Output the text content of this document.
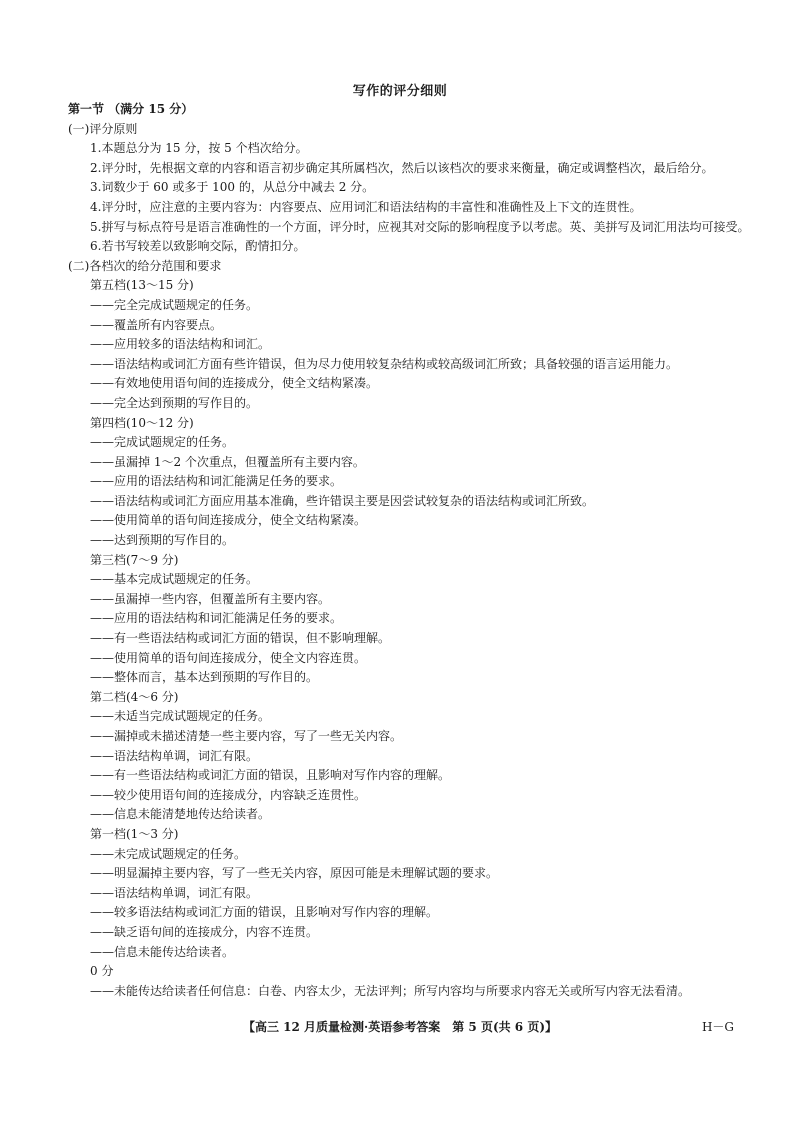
写作的评分细则
第一节 （满分 15 分）
(一)评分原则
1.本题总分为 15 分，按 5 个档次给分。
2.评分时，先根据文章的内容和语言初步确定其所属档次，然后以该档次的要求来衡量，确定或调整档次，最后给分。
3.词数少于 60 或多于 100 的，从总分中减去 2 分。
4.评分时，应注意的主要内容为：内容要点、应用词汇和语法结构的丰富性和准确性及上下文的连贯性。
5.拼写与标点符号是语言准确性的一个方面，评分时，应视其对交际的影响程度予以考虑。英、美拼写及词汇用法均可接受。
6.若书写较差以致影响交际，酌情扣分。
(二)各档次的给分范围和要求
第五档(13～15 分)
——完全完成试题规定的任务。
——覆盖所有内容要点。
——应用较多的语法结构和词汇。
——语法结构或词汇方面有些许错误，但为尽力使用较复杂结构或较高级词汇所致；具备较强的语言运用能力。
——有效地使用语句间的连接成分，使全文结构紧凑。
——完全达到预期的写作目的。
第四档(10～12 分)
——完成试题规定的任务。
——虽漏掉 1～2 个次重点，但覆盖所有主要内容。
——应用的语法结构和词汇能满足任务的要求。
——语法结构或词汇方面应用基本准确，些许错误主要是因尝试较复杂的语法结构或词汇所致。
——使用简单的语句间连接成分，使全文结构紧凑。
——达到预期的写作目的。
第三档(7～9 分)
——基本完成试题规定的任务。
——虽漏掉一些内容，但覆盖所有主要内容。
——应用的语法结构和词汇能满足任务的要求。
——有一些语法结构或词汇方面的错误，但不影响理解。
——使用简单的语句间连接成分，使全文内容连贯。
——整体而言，基本达到预期的写作目的。
第二档(4～6 分)
——未适当完成试题规定的任务。
——漏掉或未描述清楚一些主要内容，写了一些无关内容。
——语法结构单调，词汇有限。
——有一些语法结构或词汇方面的错误，且影响对写作内容的理解。
——较少使用语句间的连接成分，内容缺乏连贯性。
——信息未能清楚地传达给读者。
第一档(1～3 分)
——未完成试题规定的任务。
——明显漏掉主要内容，写了一些无关内容，原因可能是未理解试题的要求。
——语法结构单调，词汇有限。
——较多语法结构或词汇方面的错误，且影响对写作内容的理解。
——缺乏语句间的连接成分，内容不连贯。
——信息未能传达给读者。
0 分
——未能传达给读者任何信息：白卷、内容太少，无法评判；所写内容均与所要求内容无关或所写内容无法看清。
【高三 12 月质量检测·英语参考答案　第 5 页(共 6 页)】	H－G
